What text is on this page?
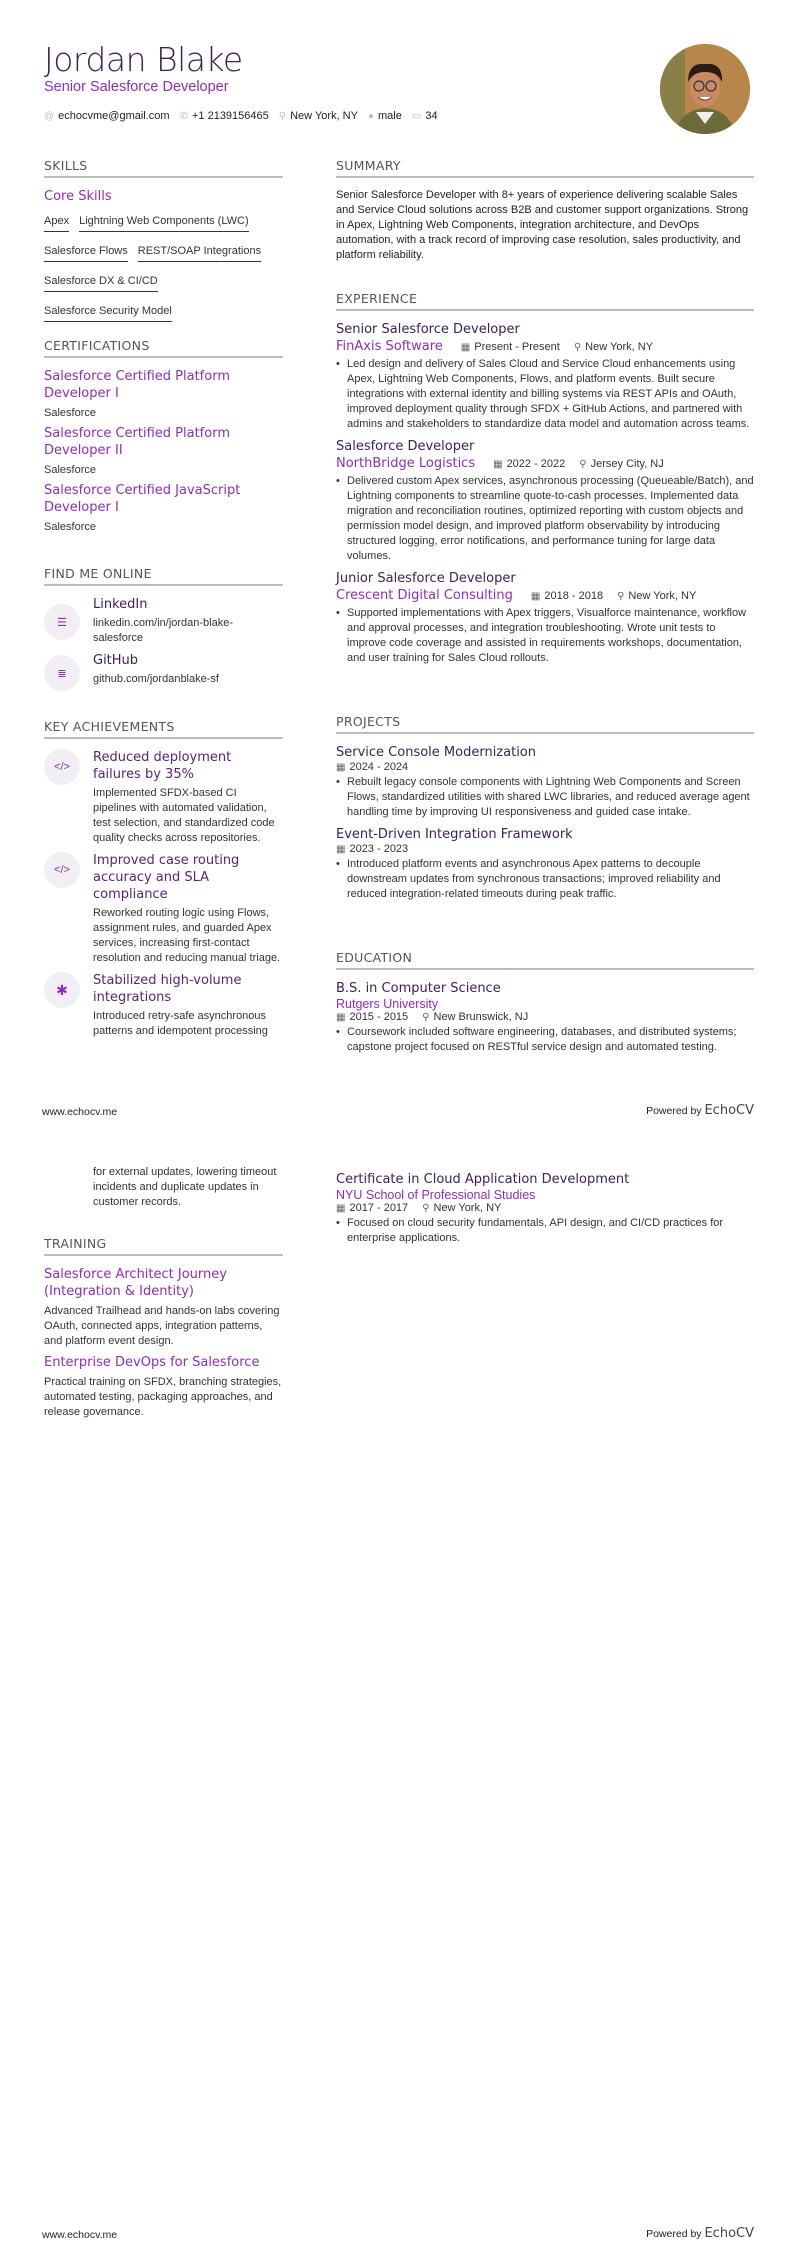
Jordan Blake
Senior Salesforce Developer
@ echocvme@gmail.com ✆ +1 2139156465 ⚲ New York, NY ● male ▭ 34
SKILLS
Core Skills
Apex Lightning Web Components (LWC)
Salesforce Flows REST/SOAP Integrations
Salesforce DX & CI/CD
Salesforce Security Model
CERTIFICATIONS
Salesforce Certified Platform Developer I
Salesforce
Salesforce Certified Platform Developer II
Salesforce
Salesforce Certified JavaScript Developer I
Salesforce
FIND ME ONLINE
☰
LinkedIn
linkedin.com/in/jordan-blake-salesforce
≣
GitHub
github.com/jordanblake-sf
KEY ACHIEVEMENTS
</>
Reduced deployment failures by 35%
Implemented SFDX-based CI pipelines with automated validation, test selection, and standardized code quality checks across repositories.
</>
Improved case routing accuracy and SLA compliance
Reworked routing logic using Flows, assignment rules, and guarded Apex services, increasing first-contact resolution and reducing manual triage.
✱
Stabilized high-volume integrations
Introduced retry-safe asynchronous patterns and idempotent processing
SUMMARY
Senior Salesforce Developer with 8+ years of experience delivering scalable Sales and Service Cloud solutions across B2B and customer support organizations. Strong in Apex, Lightning Web Components, integration architecture, and DevOps automation, with a track record of improving case resolution, sales productivity, and platform reliability.
EXPERIENCE
Senior Salesforce Developer
FinAxis Software ▦ Present - Present ⚲ New York, NY
• Led design and delivery of Sales Cloud and Service Cloud enhancements using Apex, Lightning Web Components, Flows, and platform events. Built secure integrations with external identity and billing systems via REST APIs and OAuth, improved deployment quality through SFDX + GitHub Actions, and partnered with admins and stakeholders to standardize data model and automation across teams.
Salesforce Developer
NorthBridge Logistics ▦ 2022 - 2022 ⚲ Jersey City, NJ
• Delivered custom Apex services, asynchronous processing (Queueable/Batch), and Lightning components to streamline quote-to-cash processes. Implemented data migration and reconciliation routines, optimized reporting with custom objects and permission model design, and improved platform observability by introducing structured logging, error notifications, and performance tuning for large data volumes.
Junior Salesforce Developer
Crescent Digital Consulting ▦ 2018 - 2018 ⚲ New York, NY
• Supported implementations with Apex triggers, Visualforce maintenance, workflow and approval processes, and integration troubleshooting. Wrote unit tests to improve code coverage and assisted in requirements workshops, documentation, and user training for Sales Cloud rollouts.
PROJECTS
Service Console Modernization
▦ 2024 - 2024
• Rebuilt legacy console components with Lightning Web Components and Screen Flows, standardized utilities with shared LWC libraries, and reduced average agent handling time by improving UI responsiveness and guided case intake.
Event-Driven Integration Framework
▦ 2023 - 2023
• Introduced platform events and asynchronous Apex patterns to decouple downstream updates from synchronous transactions; improved reliability and reduced integration-related timeouts during peak traffic.
EDUCATION
B.S. in Computer Science
Rutgers University
▦ 2015 - 2015 ⚲ New Brunswick, NJ
• Coursework included software engineering, databases, and distributed systems; capstone project focused on RESTful service design and automated testing.
www.echocv.me	Powered by EchoCV
for external updates, lowering timeout incidents and duplicate updates in customer records.
TRAINING
Salesforce Architect Journey (Integration & Identity)
Advanced Trailhead and hands-on labs covering OAuth, connected apps, integration patterns, and platform event design.
Enterprise DevOps for Salesforce
Practical training on SFDX, branching strategies, automated testing, packaging approaches, and release governance.
Certificate in Cloud Application Development
NYU School of Professional Studies
▦ 2017 - 2017 ⚲ New York, NY
• Focused on cloud security fundamentals, API design, and CI/CD practices for enterprise applications.
www.echocv.me	Powered by EchoCV
